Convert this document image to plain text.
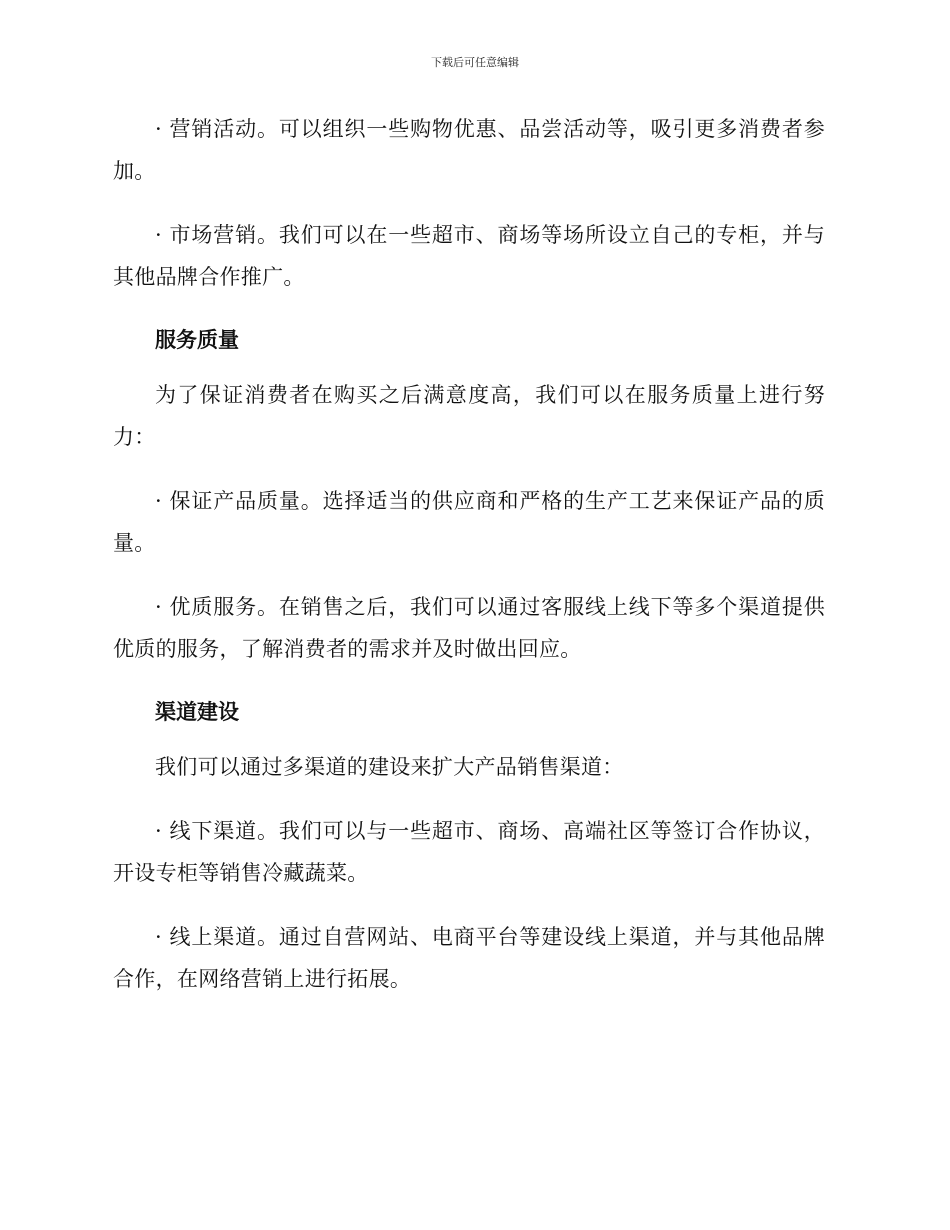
下载后可任意编辑

· 营销活动。可以组织一些购物优惠、品尝活动等，吸引更多消费者参加。

· 市场营销。我们可以在一些超市、商场等场所设立自己的专柜，并与其他品牌合作推广。

服务质量

为了保证消费者在购买之后满意度高，我们可以在服务质量上进行努力：

· 保证产品质量。选择适当的供应商和严格的生产工艺来保证产品的质量。

· 优质服务。在销售之后，我们可以通过客服线上线下等多个渠道提供优质的服务，了解消费者的需求并及时做出回应。

渠道建设

我们可以通过多渠道的建设来扩大产品销售渠道：

· 线下渠道。我们可以与一些超市、商场、高端社区等签订合作协议，开设专柜等销售冷藏蔬菜。

· 线上渠道。通过自营网站、电商平台等建设线上渠道，并与其他品牌合作，在网络营销上进行拓展。
